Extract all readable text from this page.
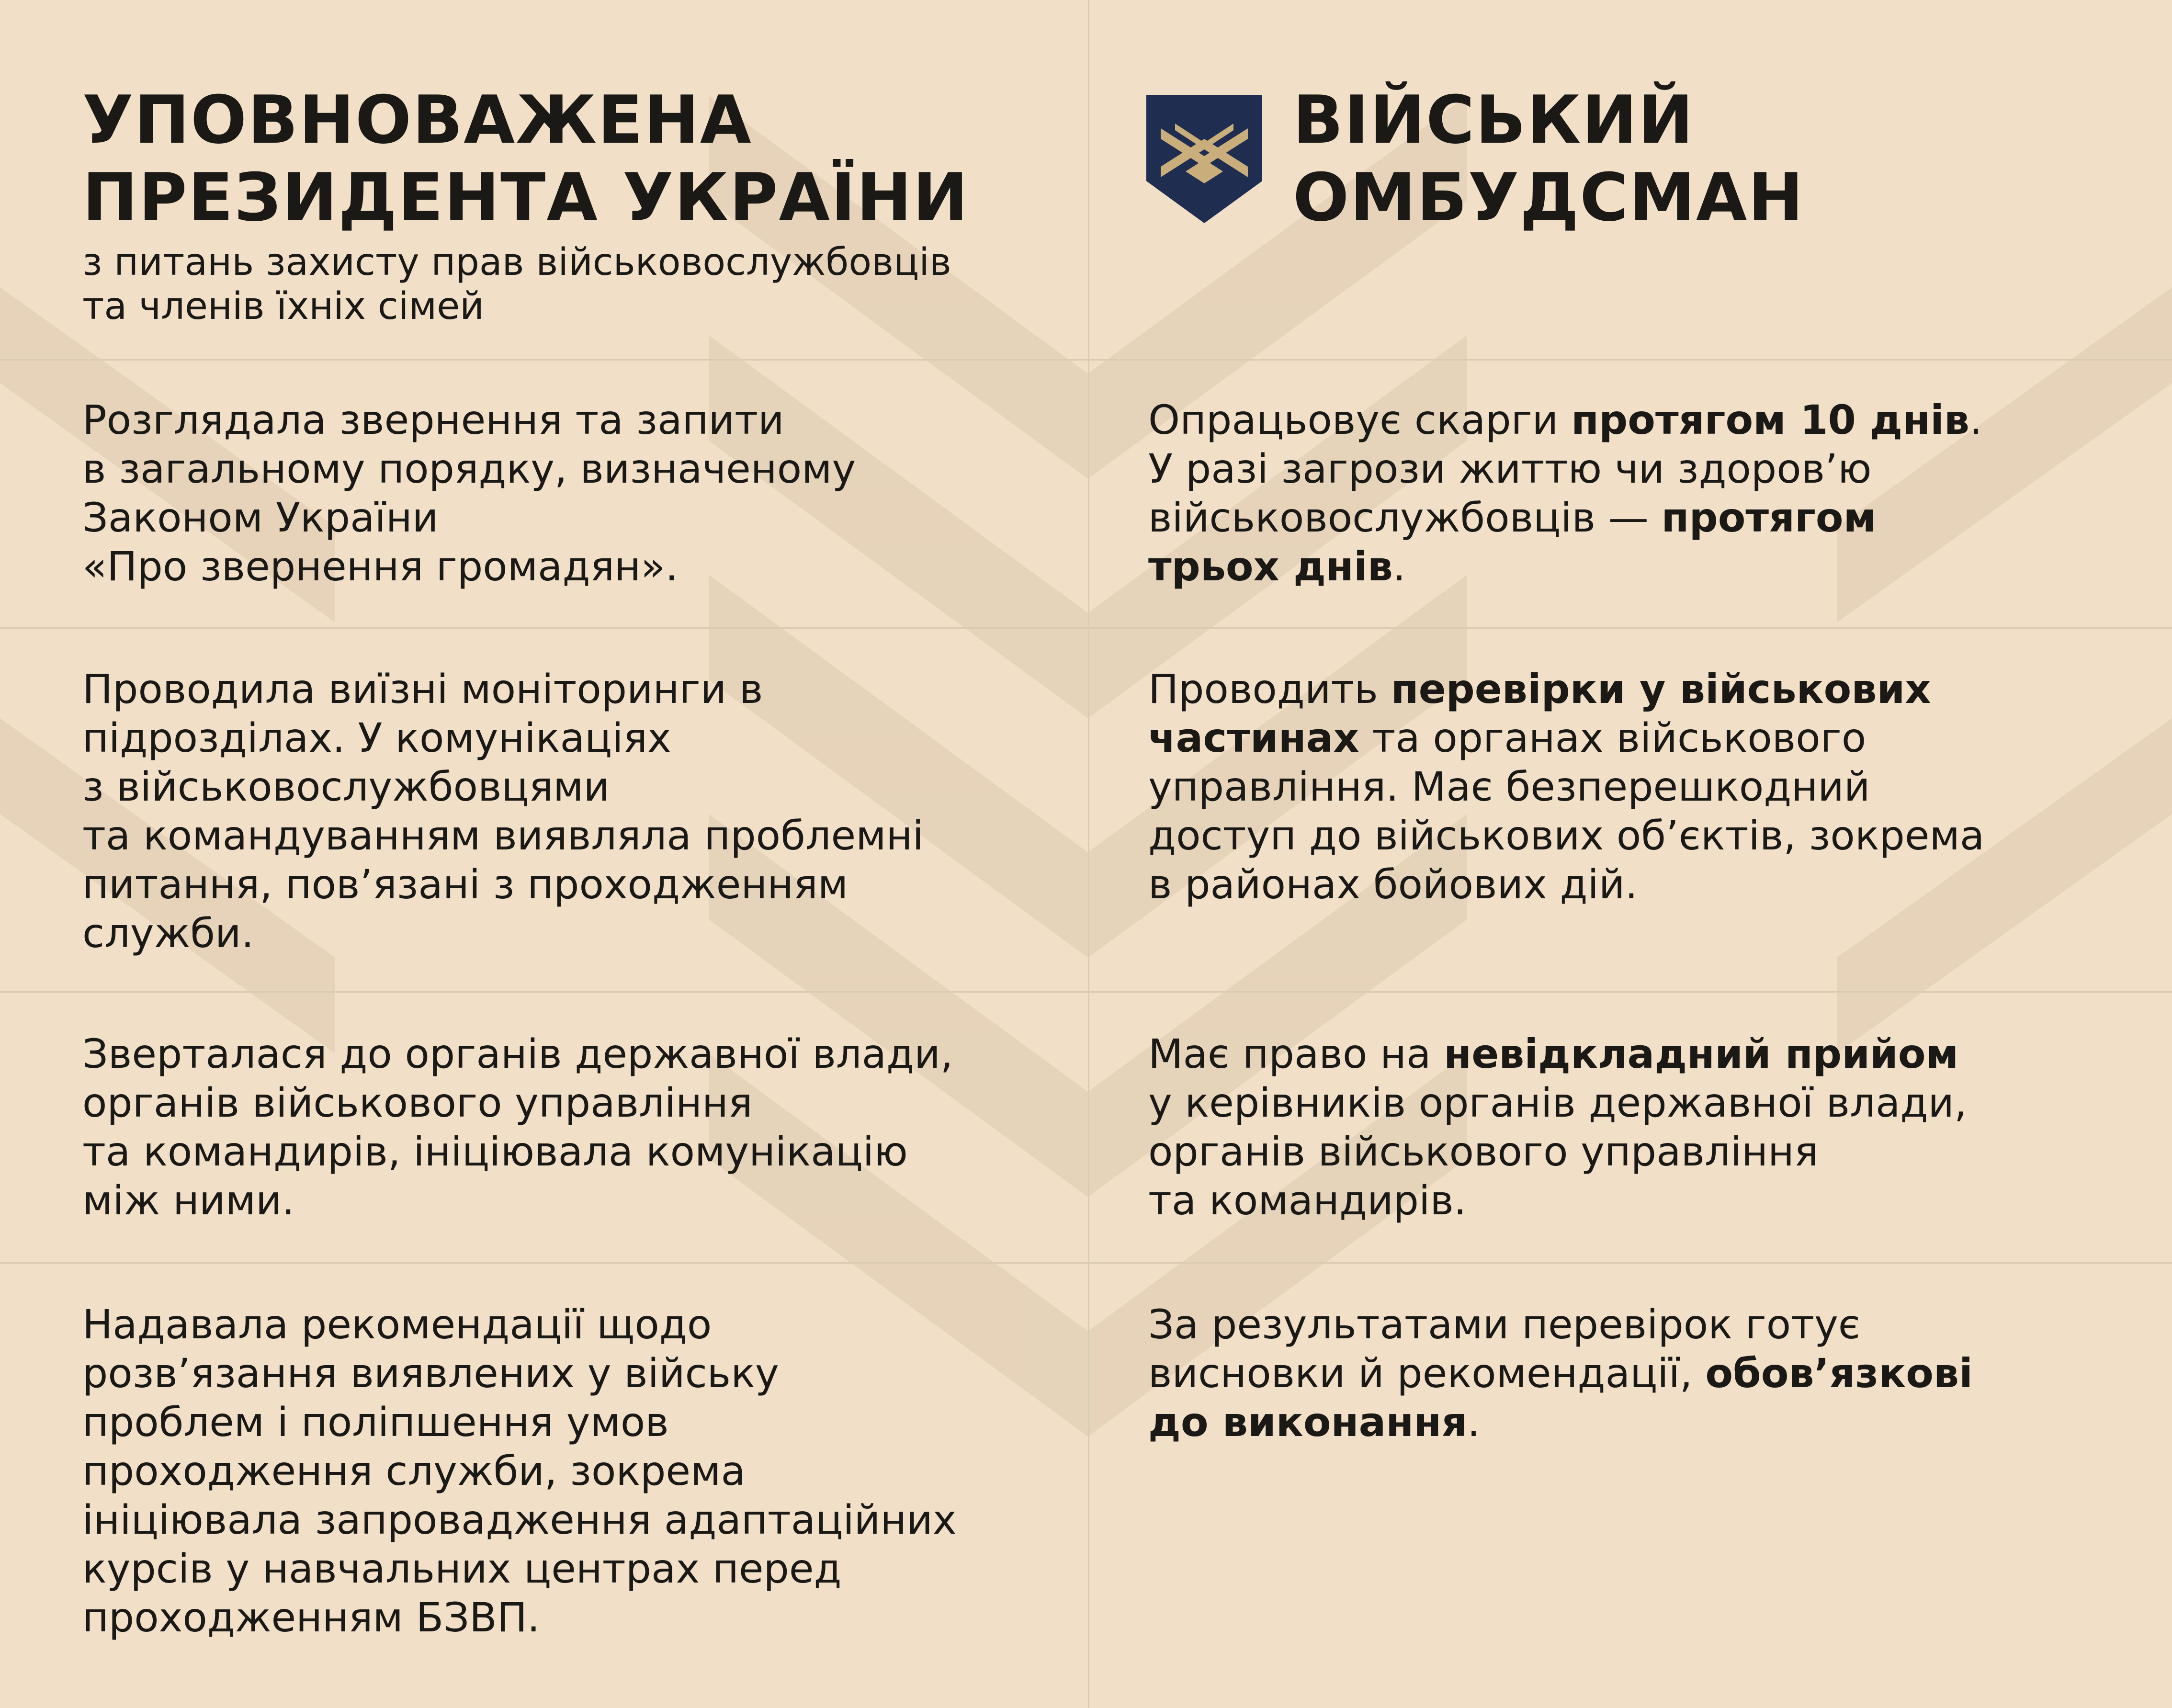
УПОВНОВАЖЕНА
ПРЕЗИДЕНТА УКРАЇНИ

з питань захисту прав військовослужбовців
та членів їхніх сімей

ВІЙСЬКИЙ
ОМБУДСМАН

Розглядала звернення та запити
в загальному порядку, визначеному
Законом України
«Про звернення громадян».

Опрацьовує скарги протягом 10 днів.
У разі загрози життю чи здоров’ю
військовослужбовців — протягом
трьох днів.

Проводила виїзні моніторинги в
підрозділах. У комунікаціях
з військовослужбовцями
та командуванням виявляла проблемні
питання, пов’язані з проходженням
служби.

Проводить перевірки у військових
частинах та органах військового
управління. Має безперешкодний
доступ до військових об’єктів, зокрема
в районах бойових дій.

Зверталася до органів державної влади,
органів військового управління
та командирів, ініціювала комунікацію
між ними.

Має право на невідкладний прийом
у керівників органів державної влади,
органів військового управління
та командирів.

Надавала рекомендації щодо
розв’язання виявлених у війську
проблем і поліпшення умов
проходження служби, зокрема
ініціювала запровадження адаптаційних
курсів у навчальних центрах перед
проходженням БЗВП.

За результатами перевірок готує
висновки й рекомендації, обов’язкові
до виконання.
